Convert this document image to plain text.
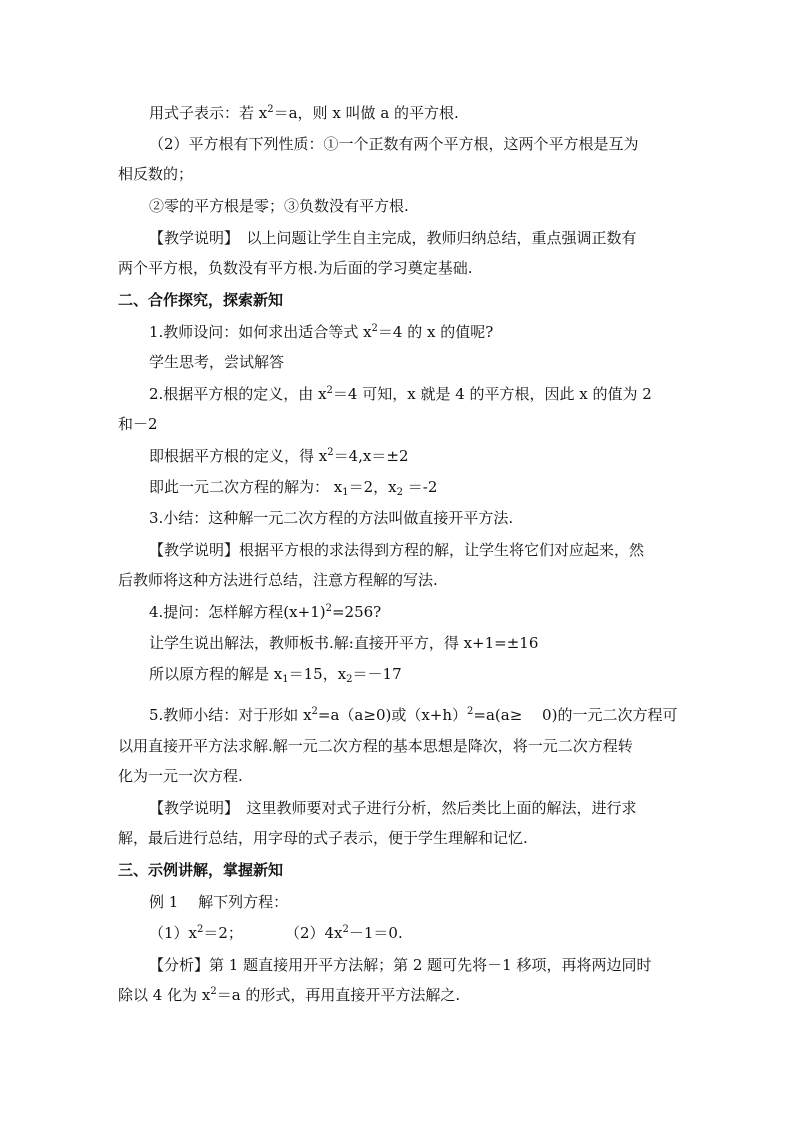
用式子表示：若 $x^2=a$，则 x 叫做 a 的平方根.
（2）平方根有下列性质：①一个正数有两个平方根，这两个平方根是互为
相反数的；
②零的平方根是零；③负数没有平方根.
【教学说明】　以上问题让学生自主完成，教师归纳总结，重点强调正数有
两个平方根，负数没有平方根.为后面的学习奠定基础.
二、合作探究，探索新知
1.教师设问：如何求出适合等式 $x^2=4$ 的 x 的值呢?
学生思考，尝试解答
2.根据平方根的定义，由 $x^2=4$ 可知，x 就是 4 的平方根，因此 x 的值为 2
和－2
即根据平方根的定义，得 $x^2=4,x=\pm 2$
即此一元二次方程的解为： $x_1=2$，$x_2 =-2$
3.小结：这种解一元二次方程的方法叫做直接开平方法.
【教学说明】根据平方根的求法得到方程的解，让学生将它们对应起来，然
后教师将这种方法进行总结，注意方程解的写法.
4.提问：怎样解方程$(x+1)^2=256$?
让学生说出解法，教师板书.解:直接开平方，得 x+1=±16
所以原方程的解是 $x_1=15$，$x_2=-17$
5.教师小结：对于形如 $x^2=a(a\ge 0)$或$(x+h)^2=a(a\ge$　 0)的一元二次方程可
以用直接开平方法求解.解一元二次方程的基本思想是降次，将一元二次方程转
化为一元一次方程.
【教学说明】　这里教师要对式子进行分析，然后类比上面的解法，进行求
解，最后进行总结，用字母的式子表示，便于学生理解和记忆.
三、示例讲解，掌握新知
例 1　 解下列方程：
$(1)x^2=2$；	$(2)4x^2-1=0$.
【分析】第 1 题直接用开平方法解；第 2 题可先将－1 移项，再将两边同时
除以 4 化为 $x^2=a$ 的形式，再用直接开平方法解之.
